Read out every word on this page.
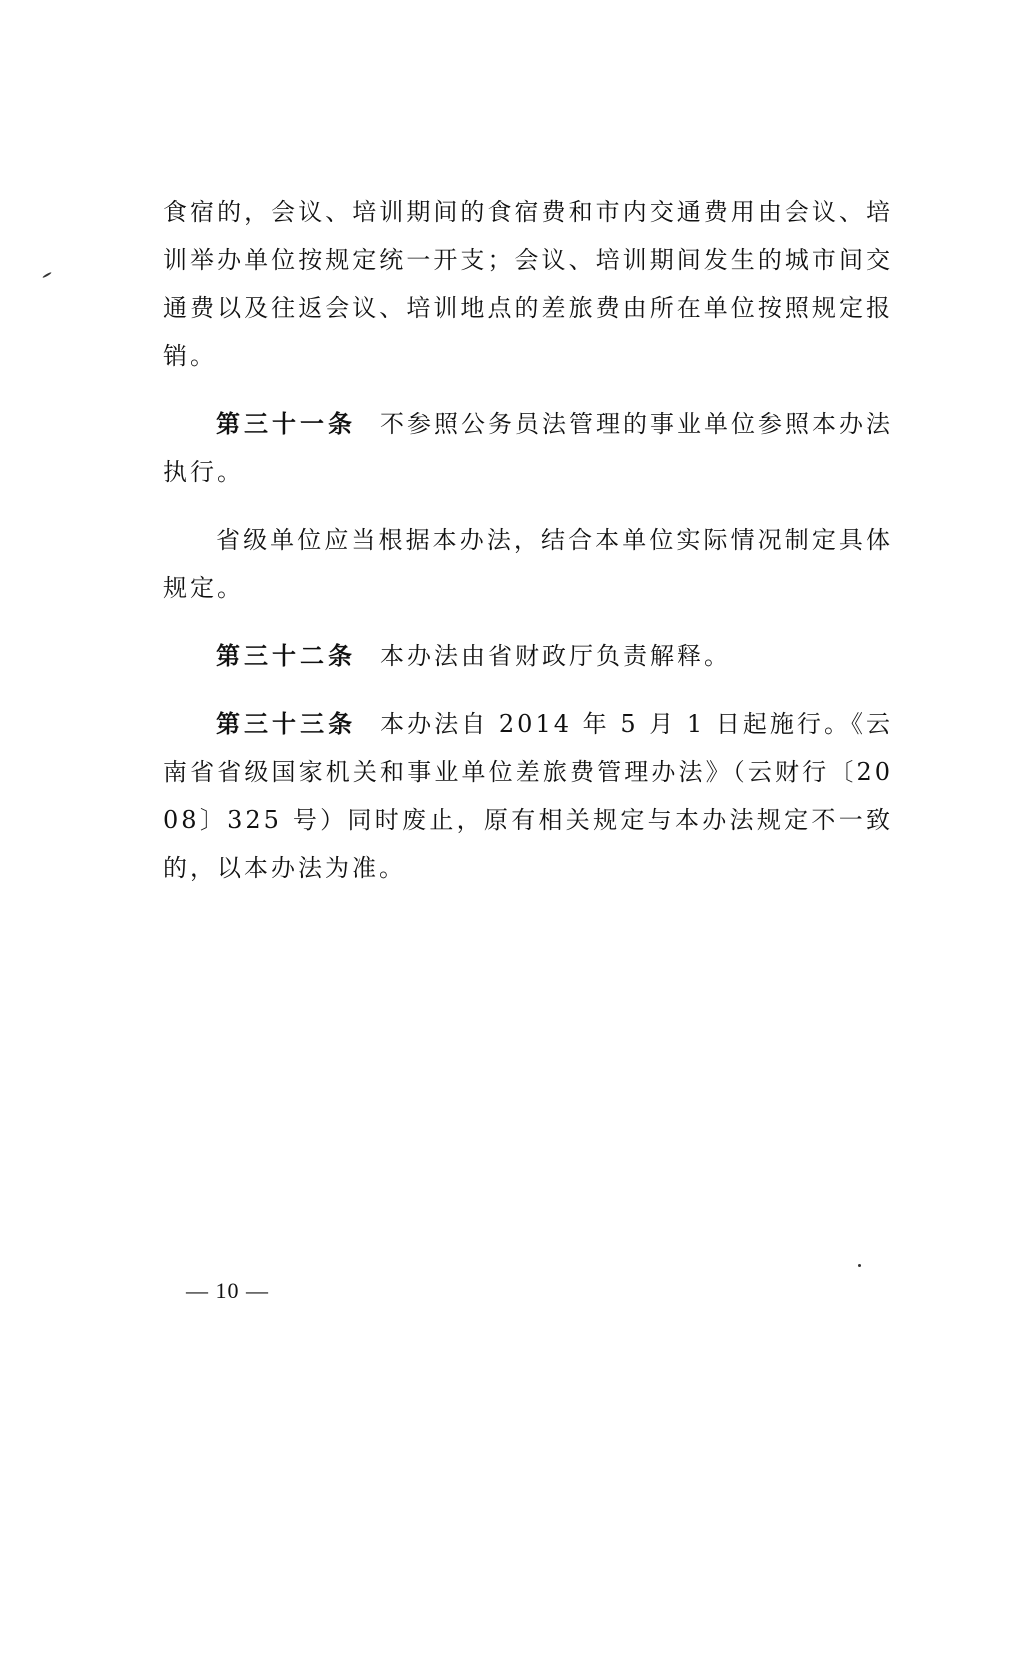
食宿的，会议、培训期间的食宿费和市内交通费用由会议、培训举办单位按规定统一开支；会议、培训期间发生的城市间交通费以及往返会议、培训地点的差旅费由所在单位按照规定报销。

第三十一条 不参照公务员法管理的事业单位参照本办法执行。

省级单位应当根据本办法，结合本单位实际情况制定具体规定。

第三十二条 本办法由省财政厅负责解释。

第三十三条 本办法自 2014 年 5 月 1 日起施行。《云南省省级国家机关和事业单位差旅费管理办法》（云财行〔2008〕325 号）同时废止，原有相关规定与本办法规定不一致的，以本办法为准。

— 10 —
